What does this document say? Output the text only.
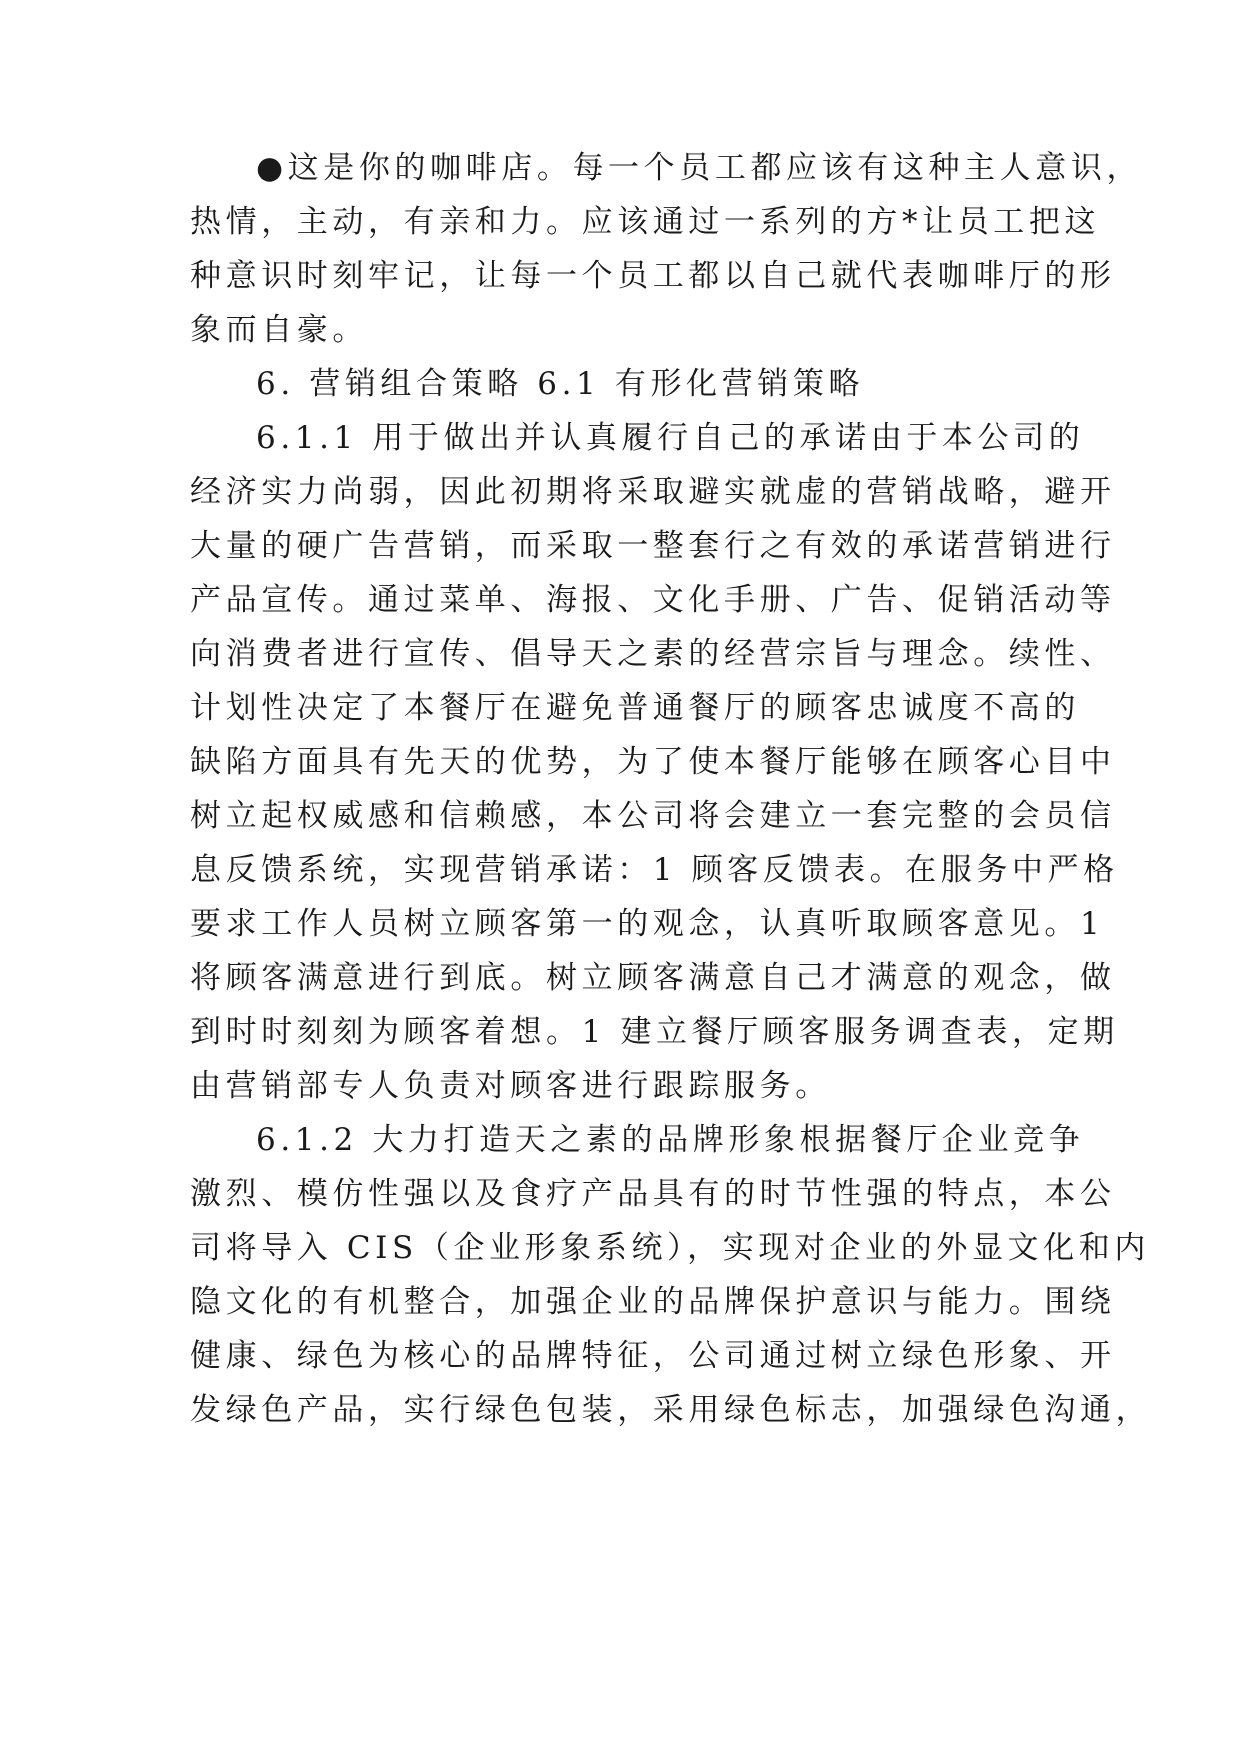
●这是你的咖啡店。每一个员工都应该有这种主人意识，
热情，主动，有亲和力。应该通过一系列的方*让员工把这
种意识时刻牢记，让每一个员工都以自己就代表咖啡厅的形
象而自豪。
6. 营销组合策略 6.1 有形化营销策略
6.1.1 用于做出并认真履行自己的承诺由于本公司的
经济实力尚弱，因此初期将采取避实就虚的营销战略，避开
大量的硬广告营销，而采取一整套行之有效的承诺营销进行
产品宣传。通过菜单、海报、文化手册、广告、促销活动等
向消费者进行宣传、倡导天之素的经营宗旨与理念。续性、
计划性决定了本餐厅在避免普通餐厅的顾客忠诚度不高的
缺陷方面具有先天的优势，为了使本餐厅能够在顾客心目中
树立起权威感和信赖感，本公司将会建立一套完整的会员信
息反馈系统，实现营销承诺：1 顾客反馈表。在服务中严格
要求工作人员树立顾客第一的观念，认真听取顾客意见。1
将顾客满意进行到底。树立顾客满意自己才满意的观念，做
到时时刻刻为顾客着想。1 建立餐厅顾客服务调查表，定期
由营销部专人负责对顾客进行跟踪服务。
6.1.2 大力打造天之素的品牌形象根据餐厅企业竞争
激烈、模仿性强以及食疗产品具有的时节性强的特点，本公
司将导入 CIS（企业形象系统），实现对企业的外显文化和内
隐文化的有机整合，加强企业的品牌保护意识与能力。围绕
健康、绿色为核心的品牌特征，公司通过树立绿色形象、开
发绿色产品，实行绿色包装，采用绿色标志，加强绿色沟通，
